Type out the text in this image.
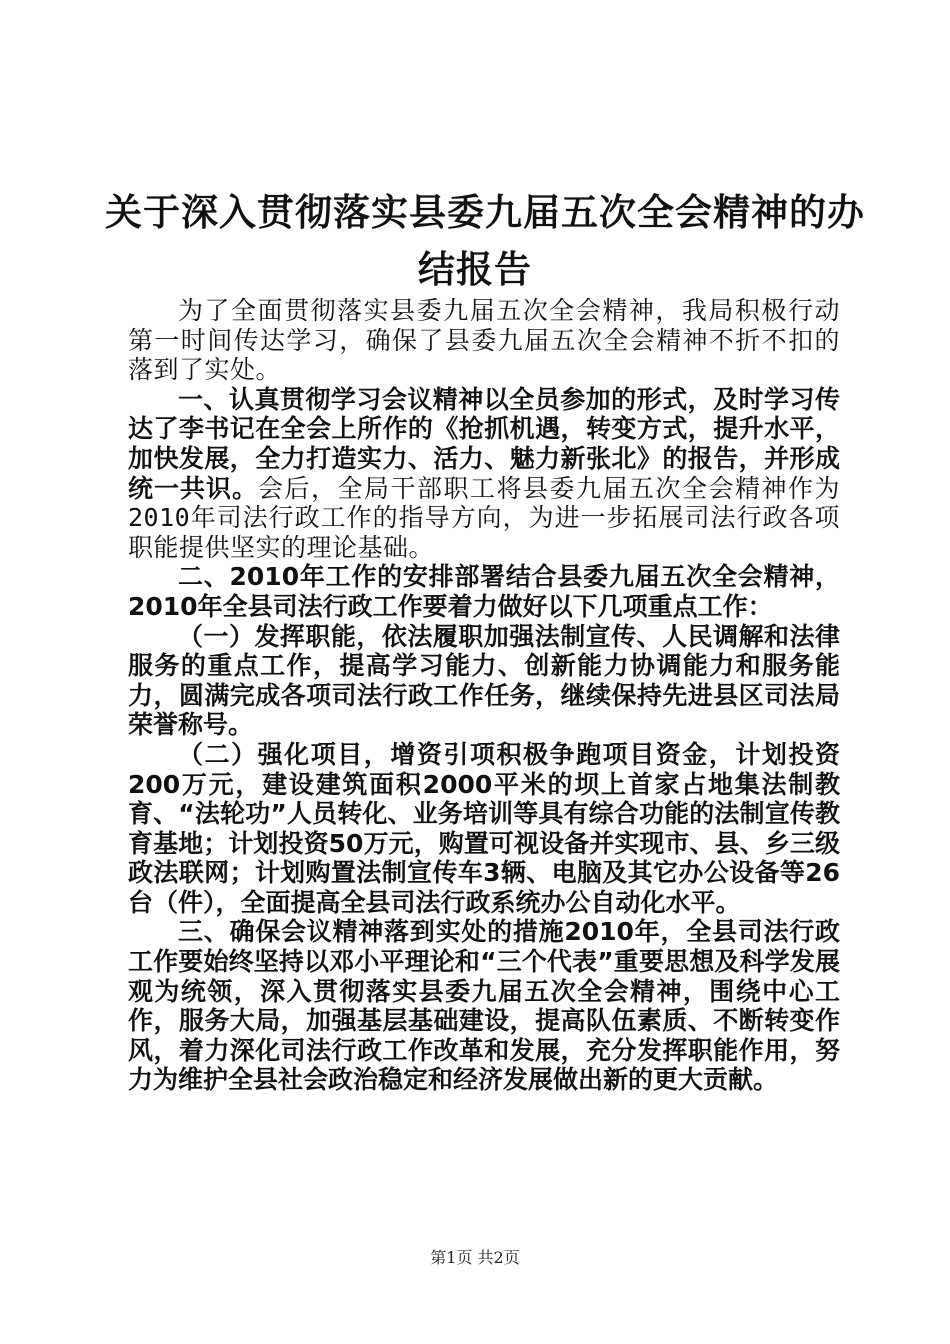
关于深入贯彻落实县委九届五次全会精神的办
结报告

为了全面贯彻落实县委九届五次全会精神，我局积极行动第一时间传达学习，确保了县委九届五次全会精神不折不扣的落到了实处。

一、认真贯彻学习会议精神以全员参加的形式，及时学习传达了李书记在全会上所作的《抢抓机遇，转变方式，提升水平，加快发展，全力打造实力、活力、魅力新张北》的报告，并形成统一共识。会后，全局干部职工将县委九届五次全会精神作为2010年司法行政工作的指导方向，为进一步拓展司法行政各项职能提供坚实的理论基础。

二、2010年工作的安排部署结合县委九届五次全会精神，2010年全县司法行政工作要着力做好以下几项重点工作：

（一）发挥职能，依法履职加强法制宣传、人民调解和法律服务的重点工作，提高学习能力、创新能力协调能力和服务能力，圆满完成各项司法行政工作任务，继续保持先进县区司法局荣誉称号。

（二）强化项目，增资引项积极争跑项目资金，计划投资200万元，建设建筑面积2000平米的坝上首家占地集法制教育、“法轮功”人员转化、业务培训等具有综合功能的法制宣传教育基地；计划投资50万元，购置可视设备并实现市、县、乡三级政法联网；计划购置法制宣传车3辆、电脑及其它办公设备等26台（件），全面提高全县司法行政系统办公自动化水平。

三、确保会议精神落到实处的措施2010年，全县司法行政工作要始终坚持以邓小平理论和“三个代表”重要思想及科学发展观为统领，深入贯彻落实县委九届五次全会精神，围绕中心工作，服务大局，加强基层基础建设，提高队伍素质、不断转变作风，着力深化司法行政工作改革和发展，充分发挥职能作用，努力为维护全县社会政治稳定和经济发展做出新的更大贡献。

第1页 共2页
